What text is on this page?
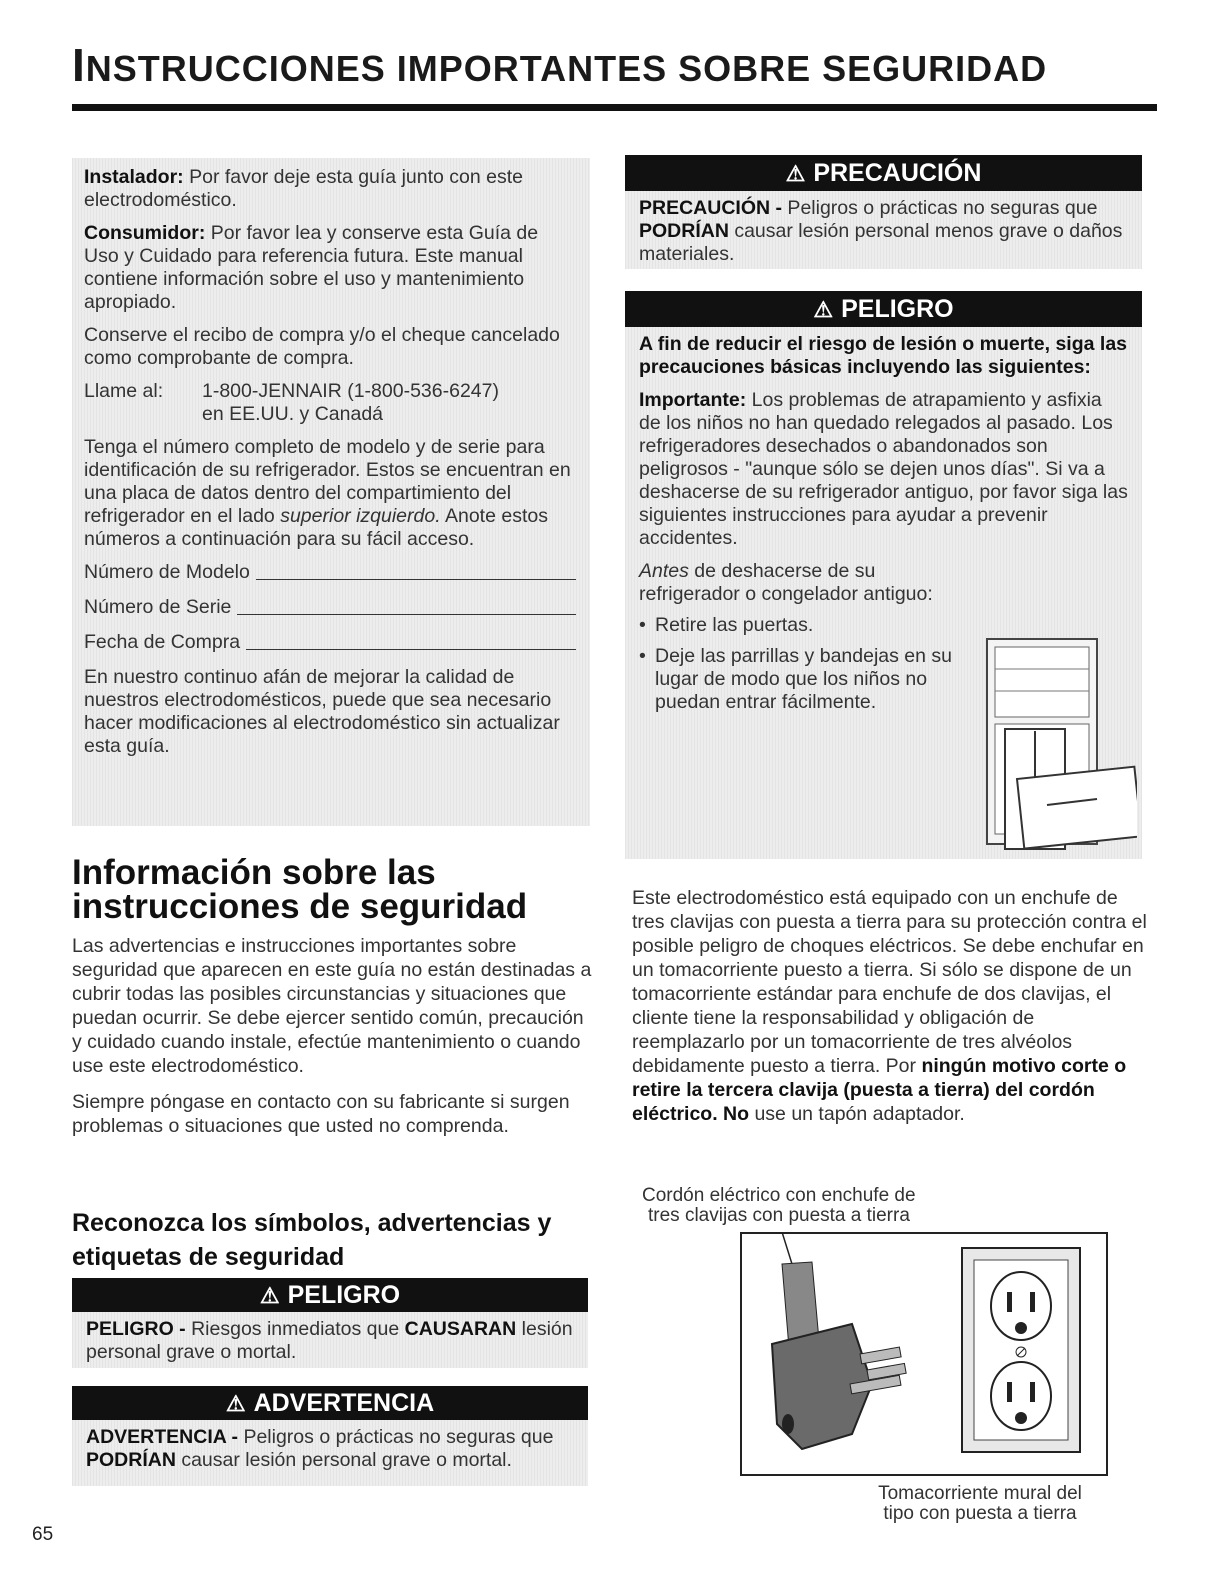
INSTRUCCIONES IMPORTANTES SOBRE SEGURIDAD

Instalador: Por favor deje esta guía junto con este electrodoméstico.

Consumidor: Por favor lea y conserve esta Guía de Uso y Cuidado para referencia futura. Este manual contiene información sobre el uso y mantenimiento apropiado.

Conserve el recibo de compra y/o el cheque cancelado como comprobante de compra.

Llame al:	1-800-JENNAIR (1-800-536-6247)
en EE.UU. y Canadá

Tenga el número completo de modelo y de serie para identificación de su refrigerador. Estos se encuentran en una placa de datos dentro del compartimiento del refrigerador en el lado superior izquierdo. Anote estos números a continuación para su fácil acceso.

Número de Modelo
Número de Serie
Fecha de Compra

En nuestro continuo afán de mejorar la calidad de nuestros electrodomésticos, puede que sea necesario hacer modificaciones al electrodoméstico sin actualizar esta guía.

⚠ PRECAUCIÓN
PRECAUCIÓN - Peligros o prácticas no seguras que PODRÍAN causar lesión personal menos grave o daños materiales.
⚠ PELIGRO
A fin de reducir el riesgo de lesión o muerte, siga las precauciones básicas incluyendo las siguientes:
Importante: Los problemas de atrapamiento y asfixia de los niños no han quedado relegados al pasado. Los refrigeradores desechados o abandonados son peligrosos - "aunque sólo se dejen unos días". Si va a deshacerse de su refrigerador antiguo, por favor siga las siguientes instrucciones para ayudar a prevenir accidentes.
Antes de deshacerse de su refrigerador o congelador antiguo:
• Retire las puertas.
• Deje las parrillas y bandejas en su lugar de modo que los niños no puedan entrar fácilmente.
Información sobre las instrucciones de seguridad

Las advertencias e instrucciones importantes sobre seguridad que aparecen en este guía no están destinadas a cubrir todas las posibles circunstancias y situaciones que puedan ocurrir. Se debe ejercer sentido común, precaución y cuidado cuando instale, efectúe mantenimiento o cuando use este electrodoméstico.

Siempre póngase en contacto con su fabricante si surgen problemas o situaciones que usted no comprenda.

Reconozca los símbolos, advertencias y etiquetas de seguridad
⚠ PELIGRO
PELIGRO - Riesgos inmediatos que CAUSARAN lesión personal grave o mortal.
⚠ ADVERTENCIA
ADVERTENCIA - Peligros o prácticas no seguras que PODRÍAN causar lesión personal grave o mortal.
Este electrodoméstico está equipado con un enchufe de tres clavijas con puesta a tierra para su protección contra el posible peligro de choques eléctricos. Se debe enchufar en un tomacorriente puesto a tierra. Si sólo se dispone de un tomacorriente estándar para enchufe de dos clavijas, el cliente tiene la responsabilidad y obligación de reemplazarlo por un tomacorriente de tres alvéolos debidamente puesto a tierra. Por ningún motivo corte o retire la tercera clavija (puesta a tierra) del cordón eléctrico. No use un tapón adaptador.
Cordón eléctrico con enchufe de
tres clavijas con puesta a tierra
Tomacorriente mural del
tipo con puesta a tierra
65
